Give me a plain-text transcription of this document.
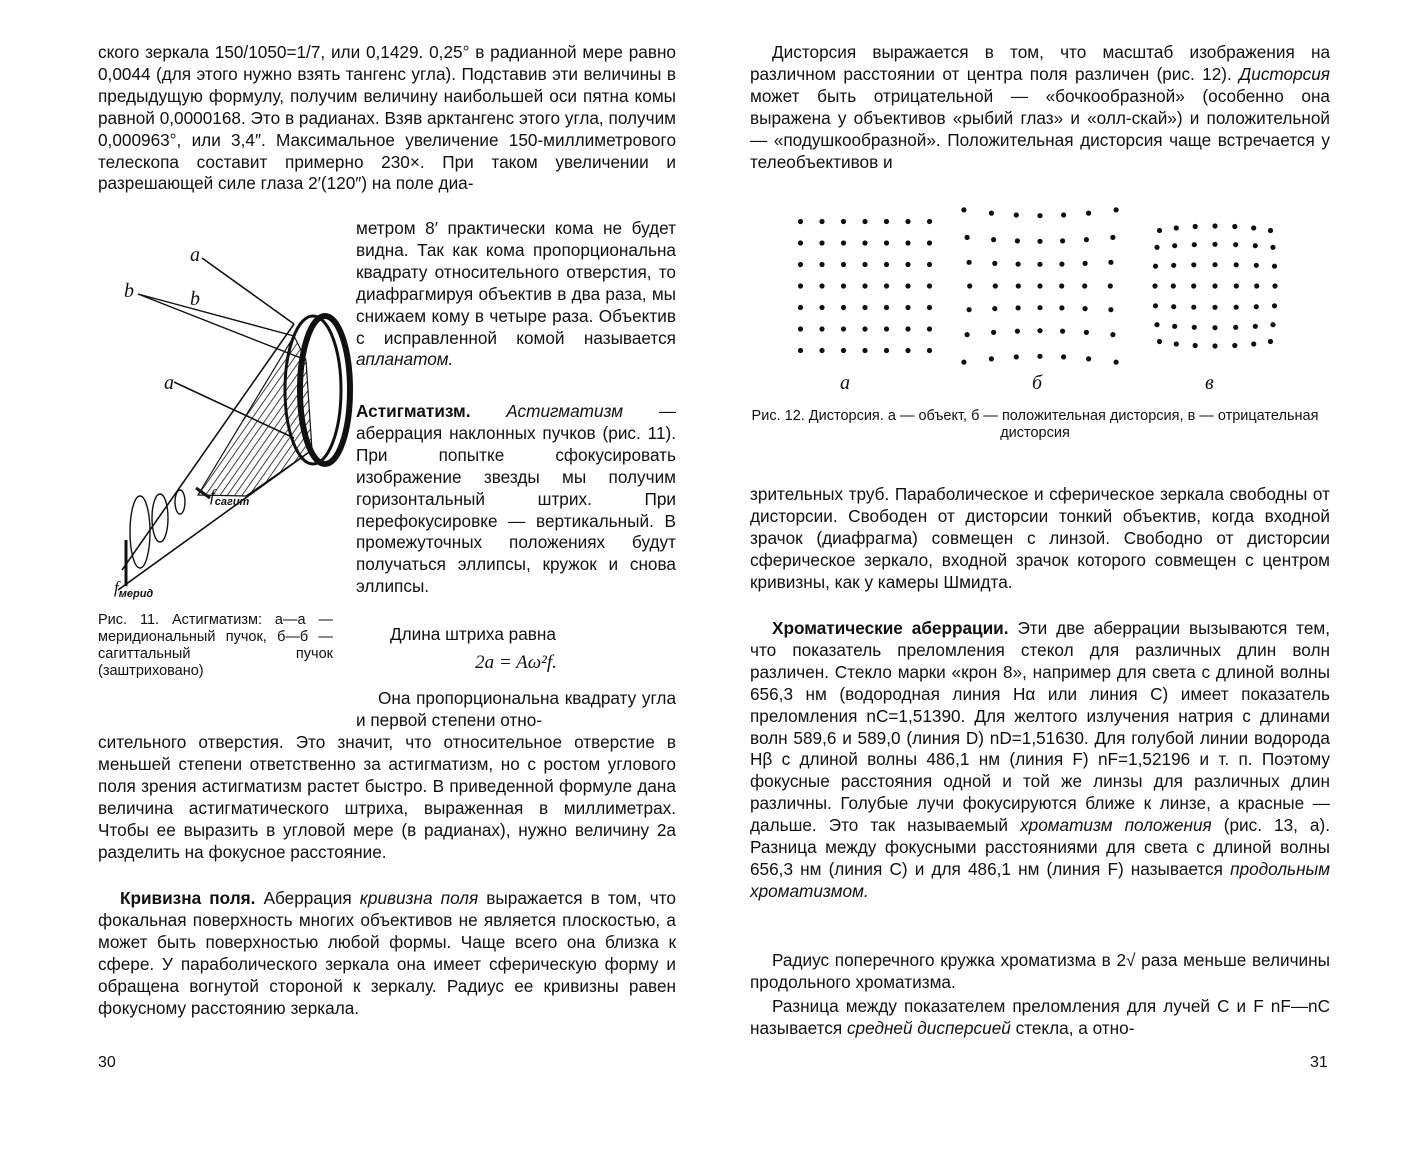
ского зеркала 150/1050=1/7, или 0,1429. 0,25° в радианной мере равно 0,0044 (для этого нужно взять тангенс угла). Подставив эти величины в предыдущую формулу, получим величину наибольшей оси пятна комы равной 0,0000168. Это в радианах. Взяв арктангенс этого угла, получим 0,000963°, или 3,4″. Максимальное увеличение 150-миллиметрового телескопа составит примерно 230×. При таком увеличении и разрешающей силе глаза 2′(120″) на поле диа-

метром 8′ практически кома не будет видна. Так как кома пропорциональна квадрату относительного отверстия, то диафрагмируя объектив в два раза, мы снижаем кому в четыре раза. Объектив с исправленной комой называется апланатом.

Астигматизм. Астигматизм — аберрация наклонных пучков (рис. 11). При попытке сфокусировать изображение звезды мы получим горизонтальный штрих. При перефокусировке — вертикальный. В промежуточных положениях будут получаться эллипсы, кружок и снова эллипсы.

Длина штриха равна
2a = Aω²f.

Она пропорциональна квадрату угла и первой степени отно-

сительного отверстия. Это значит, что относительное отверстие в меньшей степени ответственно за астигматизм, но с ростом углового поля зрения астигматизм растет быстро. В приведенной формуле дана величина астигматического штриха, выраженная в миллиметрах. Чтобы ее выразить в угловой мере (в радианах), нужно величину 2a разделить на фокусное расстояние.

Кривизна поля. Аберрация кривизна поля выражается в том, что фокальная поверхность многих объективов не является плоскостью, а может быть поверхностью любой формы. Чаще всего она близка к сфере. У параболического зеркала она имеет сферическую форму и обращена вогнутой стороной к зеркалу. Радиус ее кривизны равен фокусному расстоянию зеркала.

a
b	b
a
$f_{сагит}$
$f_{мерид}$
Рис. 11. Астигматизм: а—а — меридиональный пучок, б—б — сагиттальный пучок (заштриховано)
30

Дисторсия выражается в том, что масштаб изображения на различном расстоянии от центра поля различен (рис. 12). Дисторсия может быть отрицательной — «бочкообразной» (особенно она выражена у объективов «рыбий глаз» и «олл-скай») и положительной — «подушкообразной». Положительная дисторсия чаще встречается у телеобъективов и

а	б	в
Рис. 12. Дисторсия. а — объект, б — положительная дисторсия, в — отрицательная дисторсия

зрительных труб. Параболическое и сферическое зеркала свободны от дисторсии. Свободен от дисторсии тонкий объектив, когда входной зрачок (диафрагма) совмещен с линзой. Свободно от дисторсии сферическое зеркало, входной зрачок которого совмещен с центром кривизны, как у камеры Шмидта.

Хроматические аберрации. Эти две аберрации вызываются тем, что показатель преломления стекол для различных длин волн различен. Стекло марки «крон 8», например для света с длиной волны 656,3 нм (водородная линия Hα или линия C) имеет показатель преломления nC=1,51390. Для желтого излучения натрия с длинами волн 589,6 и 589,0 (линия D) nD=1,51630. Для голубой линии водорода Hβ с длиной волны 486,1 нм (линия F) nF=1,52196 и т. п. Поэтому фокусные расстояния одной и той же линзы для различных длин различны. Голубые лучи фокусируются ближе к линзе, а красные — дальше. Это так называемый хроматизм положения (рис. 13, а). Разница между фокусными расстояниями для света с длиной волны 656,3 нм (линия C) и для 486,1 нм (линия F) называется продольным хроматизмом.

Радиус поперечного кружка хроматизма в 2√ раза меньше величины продольного хроматизма.

Разница между показателем преломления для лучей C и F nF—nC называется средней дисперсией стекла, а отно-

31
